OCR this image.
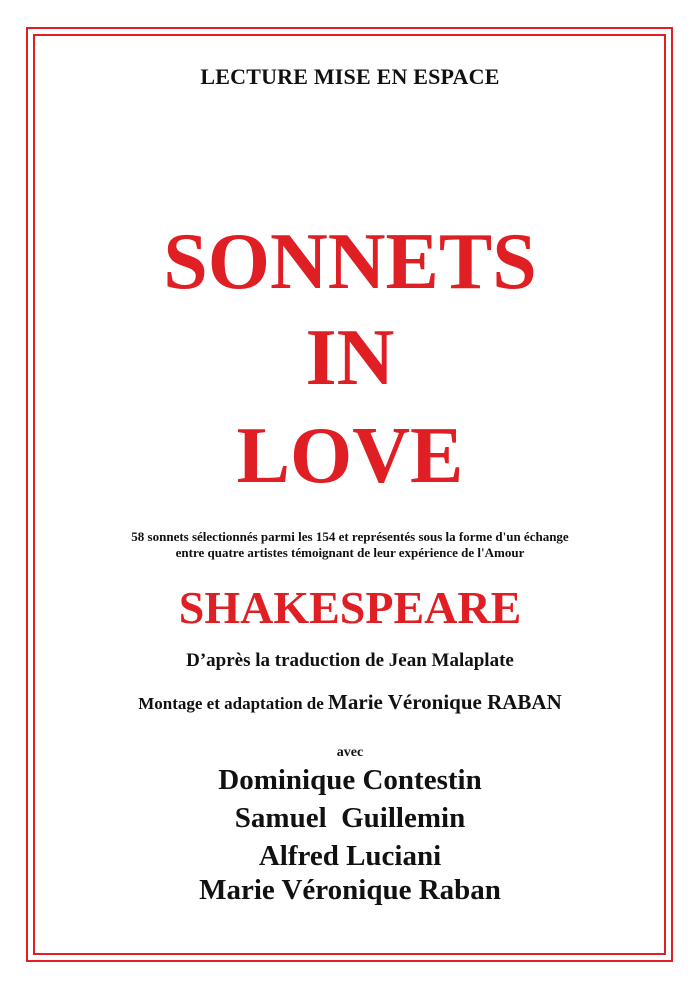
LECTURE MISE EN ESPACE
SONNETS
IN
LOVE
58 sonnets sélectionnés parmi les 154 et représentés sous la forme d'un échange
entre quatre artistes témoignant de leur expérience de l'Amour
SHAKESPEARE
D’après la traduction de Jean Malaplate
Montage et adaptation de Marie Véronique RABAN
avec
Dominique Contestin
Samuel  Guillemin
Alfred Luciani
Marie Véronique Raban
